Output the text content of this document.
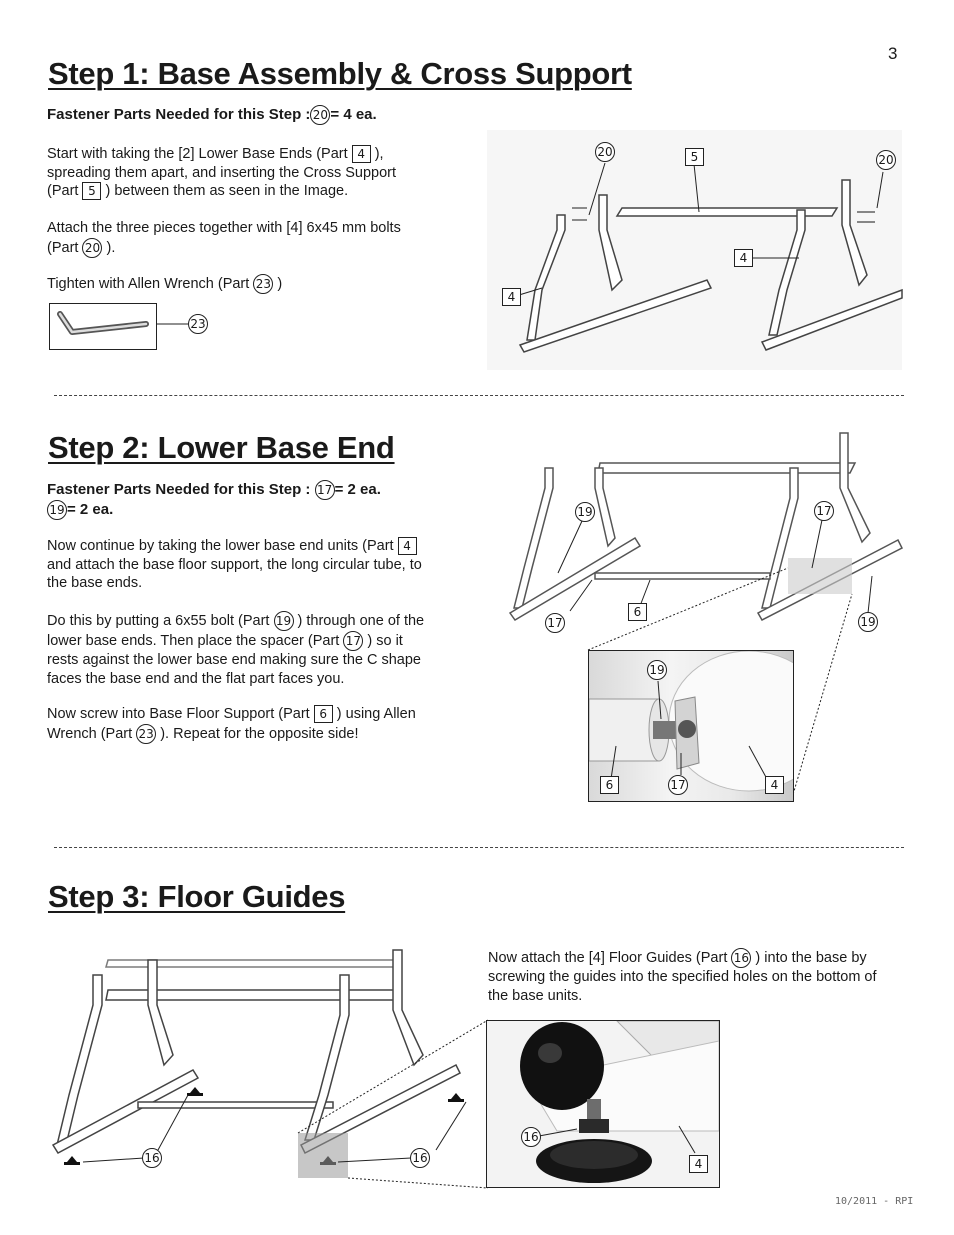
3
Step 1: Base Assembly & Cross Support
Fastener Parts Needed for this Step : 20 = 4 ea.
Start with taking the [2] Lower Base Ends (Part 4 ),
spreading them apart, and inserting the Cross Support
(Part 5 ) between them as seen in the Image.
Attach the three pieces together with [4] 6x45 mm bolts
(Part 20 ).
Tighten with Allen Wrench (Part 23 )
23
20	5	20
4
4
Step 2: Lower Base End
Fastener Parts Needed for this Step : 17 = 2 ea.
19 = 2 ea.
Now continue by taking the lower base end units (Part 4
and attach the base floor support, the long circular tube, to
the base ends.
Do this by putting a 6x55 bolt (Part 19 ) through one of the
lower base ends. Then place the spacer (Part 17 ) so it
rests against the lower base end making sure the C shape
faces the base end and the flat part faces you.
Now screw into Base Floor Support (Part 6 ) using Allen
Wrench (Part 23 ). Repeat for the opposite side!
19	17
17	19
6
19
6	17	4
Step 3: Floor Guides
Now attach the [4] Floor Guides (Part 16 ) into the base by
screwing the guides into the specified holes on the bottom of
the base units.
16	16
16
4
10/2011 - RPI
